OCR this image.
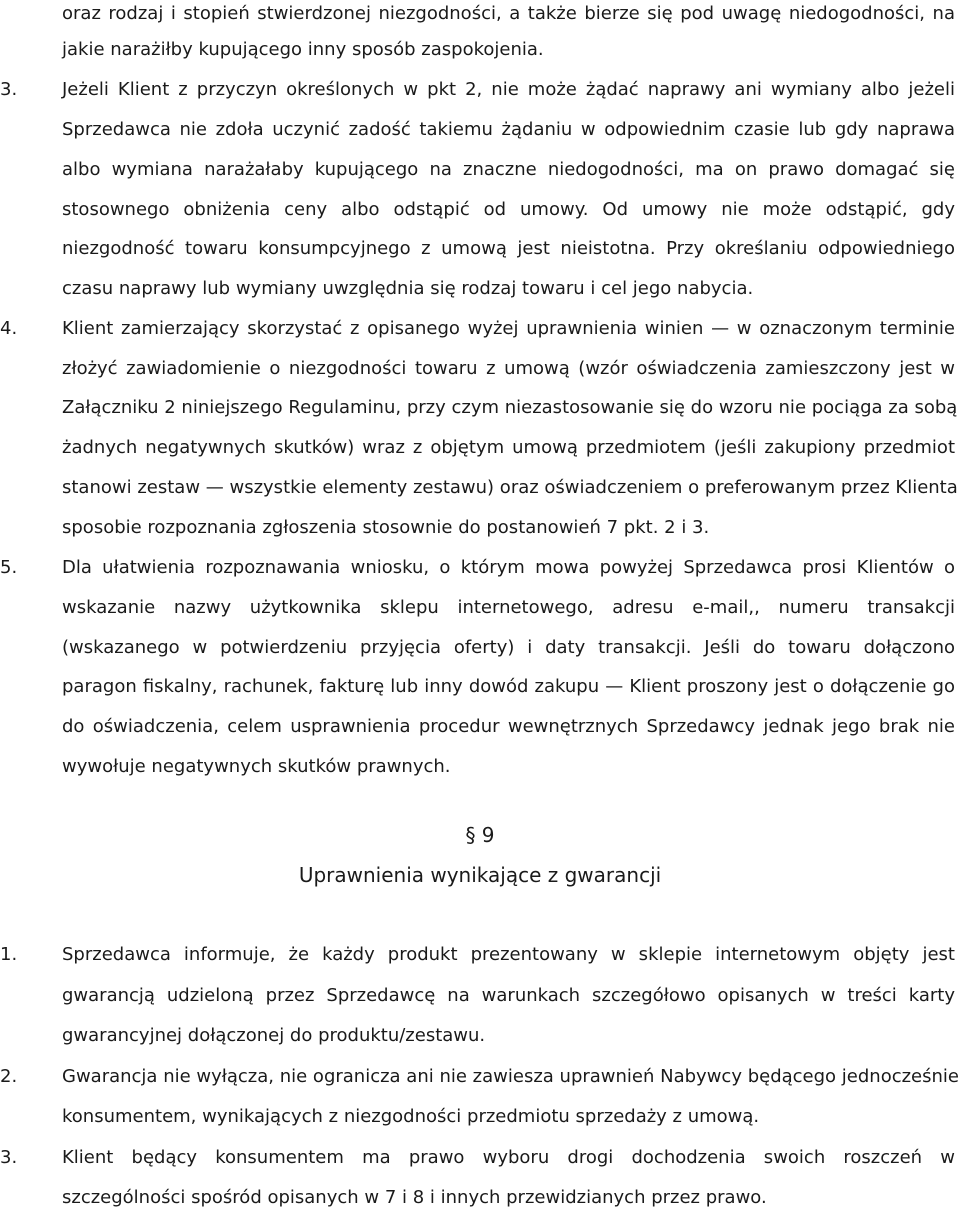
oraz rodzaj i stopień stwierdzonej niezgodności, a także bierze się pod uwagę niedogodności, na
jakie narażiłby kupującego inny sposób zaspokojenia.
3.	Jeżeli Klient z przyczyn określonych w pkt 2, nie może żądać naprawy ani wymiany albo jeżeli
Sprzedawca nie zdoła uczynić zadość takiemu żądaniu w odpowiednim czasie lub gdy naprawa
albo wymiana narażałaby kupującego na znaczne niedogodności, ma on prawo domagać się
stosownego obniżenia ceny albo odstąpić od umowy. Od umowy nie może odstąpić, gdy
niezgodność towaru konsumpcyjnego z umową jest nieistotna. Przy określaniu odpowiedniego
czasu naprawy lub wymiany uwzględnia się rodzaj towaru i cel jego nabycia.
4.	Klient zamierzający skorzystać z opisanego wyżej uprawnienia winien — w oznaczonym terminie
złożyć zawiadomienie o niezgodności towaru z umową (wzór oświadczenia zamieszczony jest w
Załączniku 2 niniejszego Regulaminu, przy czym niezastosowanie się do wzoru nie pociąga za sobą
żadnych negatywnych skutków) wraz z objętym umową przedmiotem (jeśli zakupiony przedmiot
stanowi zestaw — wszystkie elementy zestawu) oraz oświadczeniem o preferowanym przez Klienta
sposobie rozpoznania zgłoszenia stosownie do postanowień 7 pkt. 2 i 3.
5.	Dla ułatwienia rozpoznawania wniosku, o którym mowa powyżej Sprzedawca prosi Klientów o
wskazanie nazwy użytkownika sklepu internetowego, adresu e-mail,, numeru transakcji
(wskazanego w potwierdzeniu przyjęcia oferty) i daty transakcji. Jeśli do towaru dołączono
paragon fiskalny, rachunek, fakturę lub inny dowód zakupu — Klient proszony jest o dołączenie go
do oświadczenia, celem usprawnienia procedur wewnętrznych Sprzedawcy jednak jego brak nie
wywołuje negatywnych skutków prawnych.
§ 9
Uprawnienia wynikające z gwarancji
1.	Sprzedawca informuje, że każdy produkt prezentowany w sklepie internetowym objęty jest
gwarancją udzieloną przez Sprzedawcę na warunkach szczegółowo opisanych w treści karty
gwarancyjnej dołączonej do produktu/zestawu.
2.	Gwarancja nie wyłącza, nie ogranicza ani nie zawiesza uprawnień Nabywcy będącego jednocześnie
konsumentem, wynikających z niezgodności przedmiotu sprzedaży z umową.
3.	Klient będący konsumentem ma prawo wyboru drogi dochodzenia swoich roszczeń w
szczególności spośród opisanych w 7 i 8 i innych przewidzianych przez prawo.
